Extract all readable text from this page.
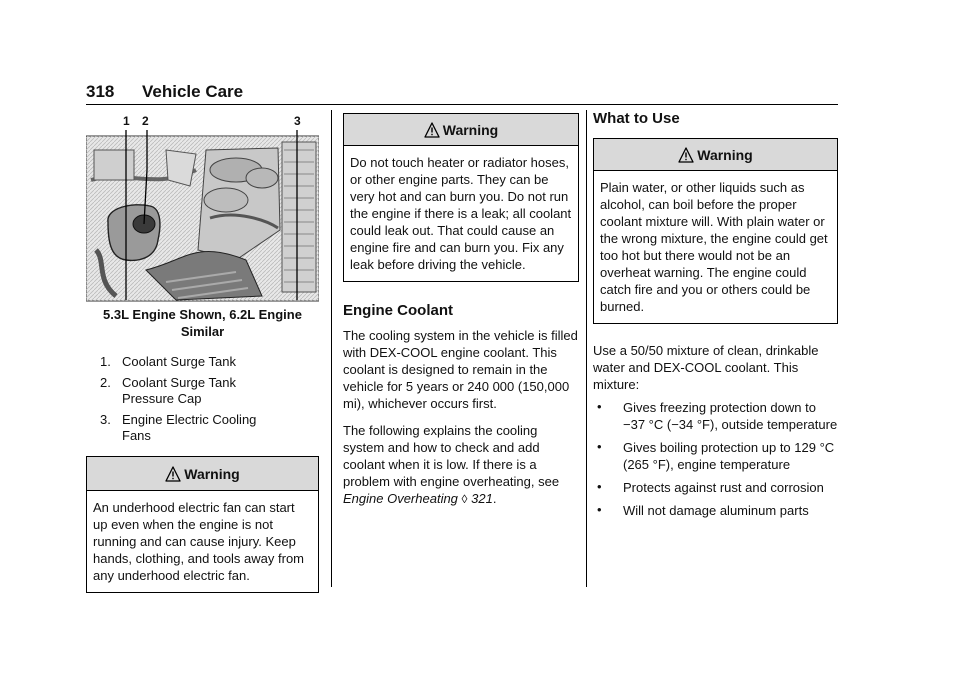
318 Vehicle Care
1 2	3
5.3L Engine Shown, 6.2L Engine
Similar
1. Coolant Surge Tank
2. Coolant Surge Tank Pressure Cap
3. Engine Electric Cooling Fans
Warning
An underhood electric fan can start up even when the engine is not running and can cause injury. Keep hands, clothing, and tools away from any underhood electric fan.
Warning
Do not touch heater or radiator hoses, or other engine parts. They can be very hot and can burn you. Do not run the engine if there is a leak; all coolant could leak out. That could cause an engine fire and can burn you. Fix any leak before driving the vehicle.
Engine Coolant

The cooling system in the vehicle is filled with DEX-COOL engine coolant. This coolant is designed to remain in the vehicle for 5 years or 240 000 (150,000 mi), whichever occurs first.

The following explains the cooling system and how to check and add coolant when it is low. If there is a problem with engine overheating, see Engine Overheating ◊ 321.

What to Use
Warning
Plain water, or other liquids such as alcohol, can boil before the proper coolant mixture will. With plain water or the wrong mixture, the engine could get too hot but there would not be an overheat warning. The engine could catch fire and you or others could be burned.

Use a 50/50 mixture of clean, drinkable water and DEX-COOL coolant. This mixture:

• Gives freezing protection down to −37 °C (−34 °F), outside temperature
• Gives boiling protection up to 129 °C (265 °F), engine temperature
• Protects against rust and corrosion
• Will not damage aluminum parts
